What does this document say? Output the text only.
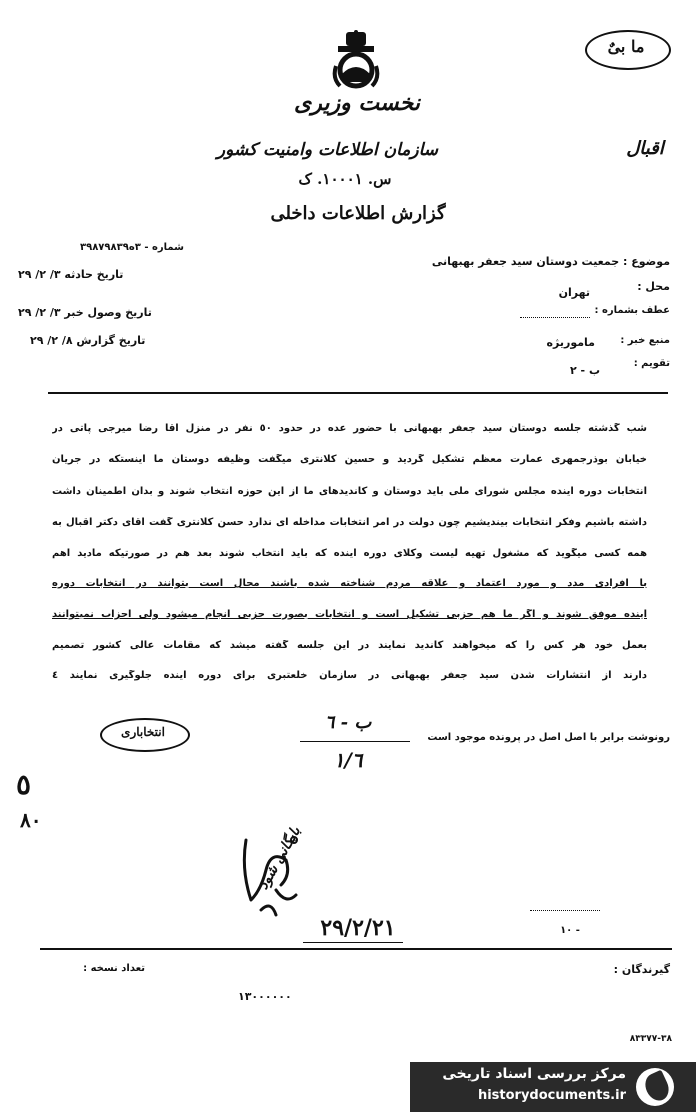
نخست وزیری
سازمان اطلاعات وامنیت کشور
س. ١٠٠٠١. ک
گزارش اطلاعات داخلی
ما بیٌ
اقبال
شماره - ٣ه٣٩٨٧٩٨٣٩
تاریخ حادثه ٣/ ٢/ ٢٩
تاریخ وصول خبر ٣/ ٢/ ٢٩
تاریخ گزارش ٨/ ٢/ ٢٩
موضوع : جمعیت دوستان سید جعفر بهبهانی
محل :
تهران
عطف بشماره :
منبع خبر :
ماموریژه
تقویم :
ب - ٢
شب گذشته جلسه دوستان سید جعفر بهبهانی با حضور عده در حدود ٥٠ نفر در منزل آقا رضا میرجی پاتی در
خیابان بوذرجمهری عمارت معظم تشکیل گردید و حسین کلانتری میگفت وظیفه دوستان ما اینستکه در جریان
انتخابات دوره آینده مجلس شورای ملی باید دوستان و کاندیدهای ما از این حوزه انتخاب شوند و بدان اطمینان داشت
داشته باشیم وفکر انتخابات بیندیشیم چون دولت در امر انتخابات مداخله ای ندارد حسن کلانتری گفت آقای دکتر اقبال به
همه کسی میگوید که مشغول تهیه لیست وکلای دوره آینده که باید انتخاب شوند بعد هم در صورتیکه مادید اهم
با افرادی مدد و مورد اعتماد و علاقه مردم شناخته شده باشند محال است بتوانند در انتخابات دوره
آینده موفق شوند و اگر ما هم حزبی تشکیل است و انتخابات بصورت حزبی انجام میشود ولی احزاب نمیتوانند
بعمل خود هر کس را که میخواهند کاندید نمایند در این جلسه گفته میشد که مقامات عالی کشور تصمیم
دارند از انتشارات شدن سید جعفر بهبهانی در سازمان خلعتبری برای دوره آینده جلوگیری نمایند ٤
رونوشت برابر با اصل اصل در پرونده موجود است
ب - ٦
١/٦
انتخاباری
٥
٨٠
بایگانی شود
٢٩/٢/٢١	١٠ -
گیرندگان :
تعداد نسخه :
١٣٠٠٠٠٠٠
٣٨-٨٣٣٧٧
مرکز بررسی اسناد تاریخی
historydocuments.ir
